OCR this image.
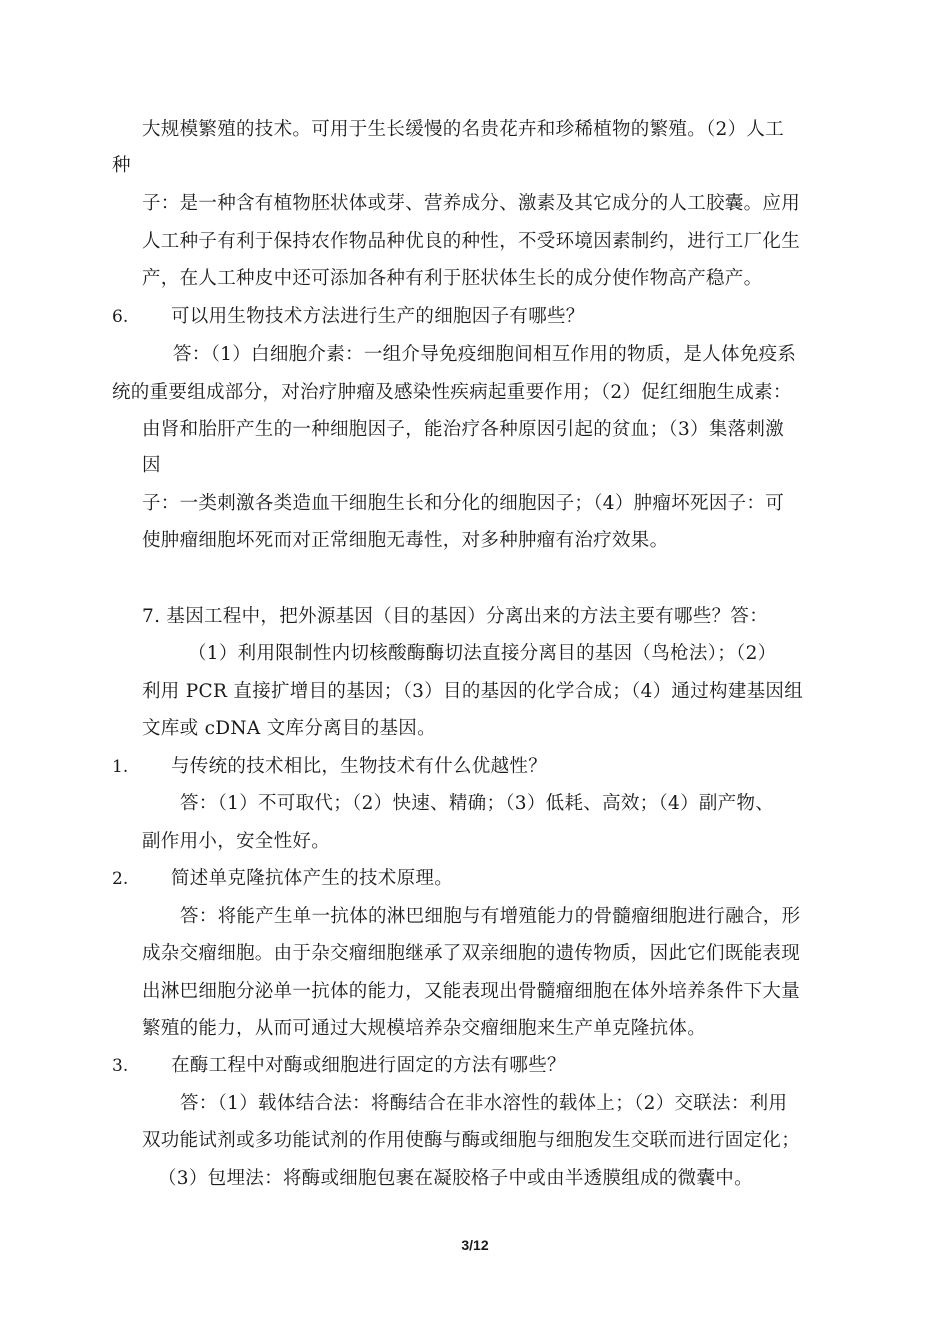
大规模繁殖的技术。可用于生长缓慢的名贵花卉和珍稀植物的繁殖。（2）人工
种
子：是一种含有植物胚状体或芽、营养成分、激素及其它成分的人工胶囊。应用
人工种子有利于保持农作物品种优良的种性，不受环境因素制约，进行工厂化生
产，在人工种皮中还可添加各种有利于胚状体生长的成分使作物高产稳产。
6. 可以用生物技术方法进行生产的细胞因子有哪些？
答：（1）白细胞介素：一组介导免疫细胞间相互作用的物质，是人体免疫系
统的重要组成部分，对治疗肿瘤及感染性疾病起重要作用；（2）促红细胞生成素：
由肾和胎肝产生的一种细胞因子，能治疗各种原因引起的贫血；（3）集落刺激
因
子：一类刺激各类造血干细胞生长和分化的细胞因子；（4）肿瘤坏死因子：可
使肿瘤细胞坏死而对正常细胞无毒性，对多种肿瘤有治疗效果。
7. 基因工程中，把外源基因（目的基因）分离出来的方法主要有哪些？答：
（1）利用限制性内切核酸酶酶切法直接分离目的基因（鸟枪法）；（2）
利用 PCR 直接扩增目的基因；（3）目的基因的化学合成；（4）通过构建基因组
文库或 cDNA 文库分离目的基因。
1. 与传统的技术相比，生物技术有什么优越性？
答：（1）不可取代；（2）快速、精确；（3）低耗、高效；（4）副产物、
副作用小，安全性好。
2. 简述单克隆抗体产生的技术原理。
答：将能产生单一抗体的淋巴细胞与有增殖能力的骨髓瘤细胞进行融合，形
成杂交瘤细胞。由于杂交瘤细胞继承了双亲细胞的遗传物质，因此它们既能表现
出淋巴细胞分泌单一抗体的能力，又能表现出骨髓瘤细胞在体外培养条件下大量
繁殖的能力，从而可通过大规模培养杂交瘤细胞来生产单克隆抗体。
3. 在酶工程中对酶或细胞进行固定的方法有哪些？
答：（1）载体结合法：将酶结合在非水溶性的载体上；（2）交联法：利用
双功能试剂或多功能试剂的作用使酶与酶或细胞与细胞发生交联而进行固定化；
（3）包埋法：将酶或细胞包裹在凝胶格子中或由半透膜组成的微囊中。
3/12
